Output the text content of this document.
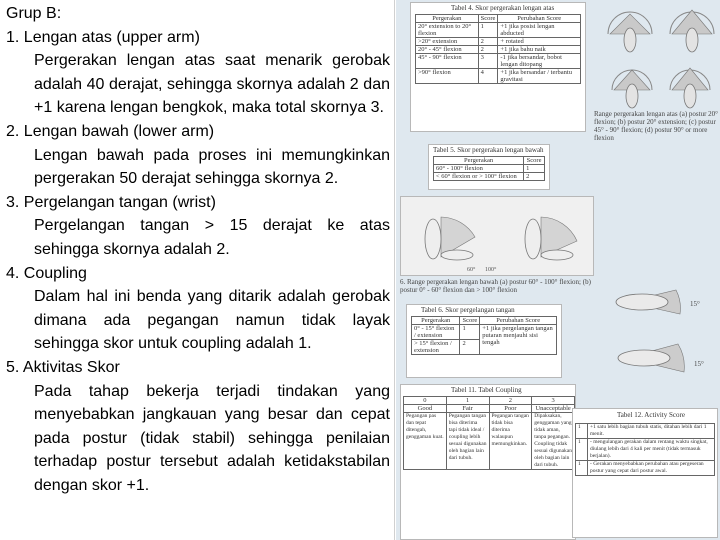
Grup B:

1. Lengan atas (upper arm)

Pergerakan lengan atas saat menarik gerobak adalah 40 derajat, sehingga skornya adalah 2 dan +1 karena lengan bengkok, maka total skornya 3.

2. Lengan bawah (lower arm)

Lengan bawah pada proses ini memungkinkan pergerakan 50 derajat sehingga skornya 2.

3. Pergelangan tangan (wrist)

Pergelangan tangan > 15 derajat ke atas sehingga skornya adalah 2.

4. Coupling

Dalam hal ini benda yang ditarik adalah gerobak dimana ada pegangan namun tidak layak sehingga skor untuk coupling adalah 1.

5. Aktivitas Skor

Pada tahap bekerja terjadi tindakan yang menyebabkan jangkauan yang besar dan cepat pada postur (tidak stabil) sehingga penilaian terhadap postur tersebut adalah ketidakstabilan dengan skor +1.

Tabel 4. Skor pergerakan lengan atas
Pergerakan	Score	Perubahan Score
20° extension to 20° flexion	1	+1 jika posisi lengan abducted
>20° extension	2	+ rotated
20° - 45° flexion	2	+1 jika bahu naik
45° - 90° flexion	3	-1 jika bersandar, bobot lengan ditopang
>90° flexion	4	+1 jika bersandar / terbantu gravitasi
Range pergerakan lengan atas (a) postur 20° flexion; (b) postur 20° extension; (c) postur 45° - 90° flexion; (d) postur 90° or more flexion
Tabel 5. Skor pergerakan lengan bawah
Pergerakan	Score
60° - 100° flexion	1
< 60° flexion or > 100° flexion	2
60° 100°
6. Range pergerakan lengan bawah (a) postur 60° - 100° flexion; (b) postur 0° - 60° flexion dan > 100° flexion
15°
15°
Tabel 6. Skor pergelangan tangan
Pergerakan	Score	Perubahan Score
0° - 15° flexion / extension	1	+1 jika pergelangan tangan putaran menjauhi sisi tengah
> 15° flexion / extension	2	
Tabel 11. Tabel Coupling
0	1	2	3
Good	Fair	Poor	Unacceptable
Pegangan pas dan tepat ditengah, genggaman kuat.	Pegangan tangan bisa diterima tapi tidak ideal / coupling lebih sesuai digunakan oleh bagian lain dari tubuh.	Pegangan tangan tidak bisa diterima walaupun memungkinkan.	Dipaksakan, genggaman yang tidak aman, tanpa pegangan. Coupling tidak sesuai digunakan oleh bagian lain dari tubuh.
Tabel 12. Activity Score
1	+1 satu lebih bagian tubuh statis, ditahan lebih dari 1 menit.
1	- mengulangan gerakan dalam rentang waktu singkat, diulang lebih dari 4 kali per menit (tidak termasuk berjalan).
1	- Gerakan menyebabkan perubahan atau pergeseran postur yang cepat dari postur awal.
